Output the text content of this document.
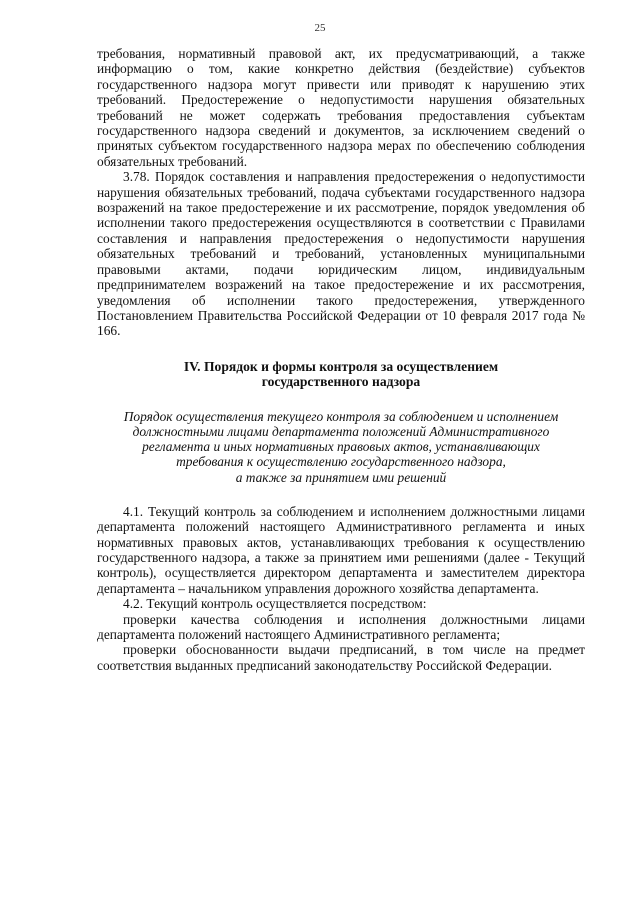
25

требования, нормативный правовой акт, их предусматривающий, а также информацию о том, какие конкретно действия (бездействие) субъектов государственного надзора могут привести или приводят к нарушению этих требований. Предостережение о недопустимости нарушения обязательных требований не может содержать требования предоставления субъектам государственного надзора сведений и документов, за исключением сведений о принятых субъектом государственного надзора мерах по обеспечению соблюдения обязательных требований.

3.78. Порядок составления и направления предостережения о недопустимости нарушения обязательных требований, подача субъектами государственного надзора возражений на такое предостережение и их рассмотрение, порядок уведомления об исполнении такого предостережения осуществляются в соответствии с Правилами составления и направления предостережения о недопустимости нарушения обязательных требований и требований, установленных муниципальными правовыми актами, подачи юридическим лицом, индивидуальным предпринимателем возражений на такое предостережение и их рассмотрения, уведомления об исполнении такого предостережения, утвержденного Постановлением Правительства Российской Федерации от 10 февраля 2017 года № 166.

IV. Порядок и формы контроля за осуществлением государственного надзора
Порядок осуществления текущего контроля за соблюдением и исполнением
должностными лицами департамента положений Административного
регламента и иных нормативных правовых актов, устанавливающих
требования к осуществлению государственного надзора,
а также за принятием ими решений

4.1. Текущий контроль за соблюдением и исполнением должностными лицами департамента положений настоящего Административного регламента и иных нормативных правовых актов, устанавливающих требования к осуществлению государственного надзора, а также за принятием ими решениями (далее - Текущий контроль), осуществляется директором департамента и заместителем директора департамента – начальником управления дорожного хозяйства департамента.

4.2. Текущий контроль осуществляется посредством:

проверки качества соблюдения и исполнения должностными лицами департамента положений настоящего Административного регламента;

проверки обоснованности выдачи предписаний, в том числе на предмет соответствия выданных предписаний законодательству Российской Федерации.
